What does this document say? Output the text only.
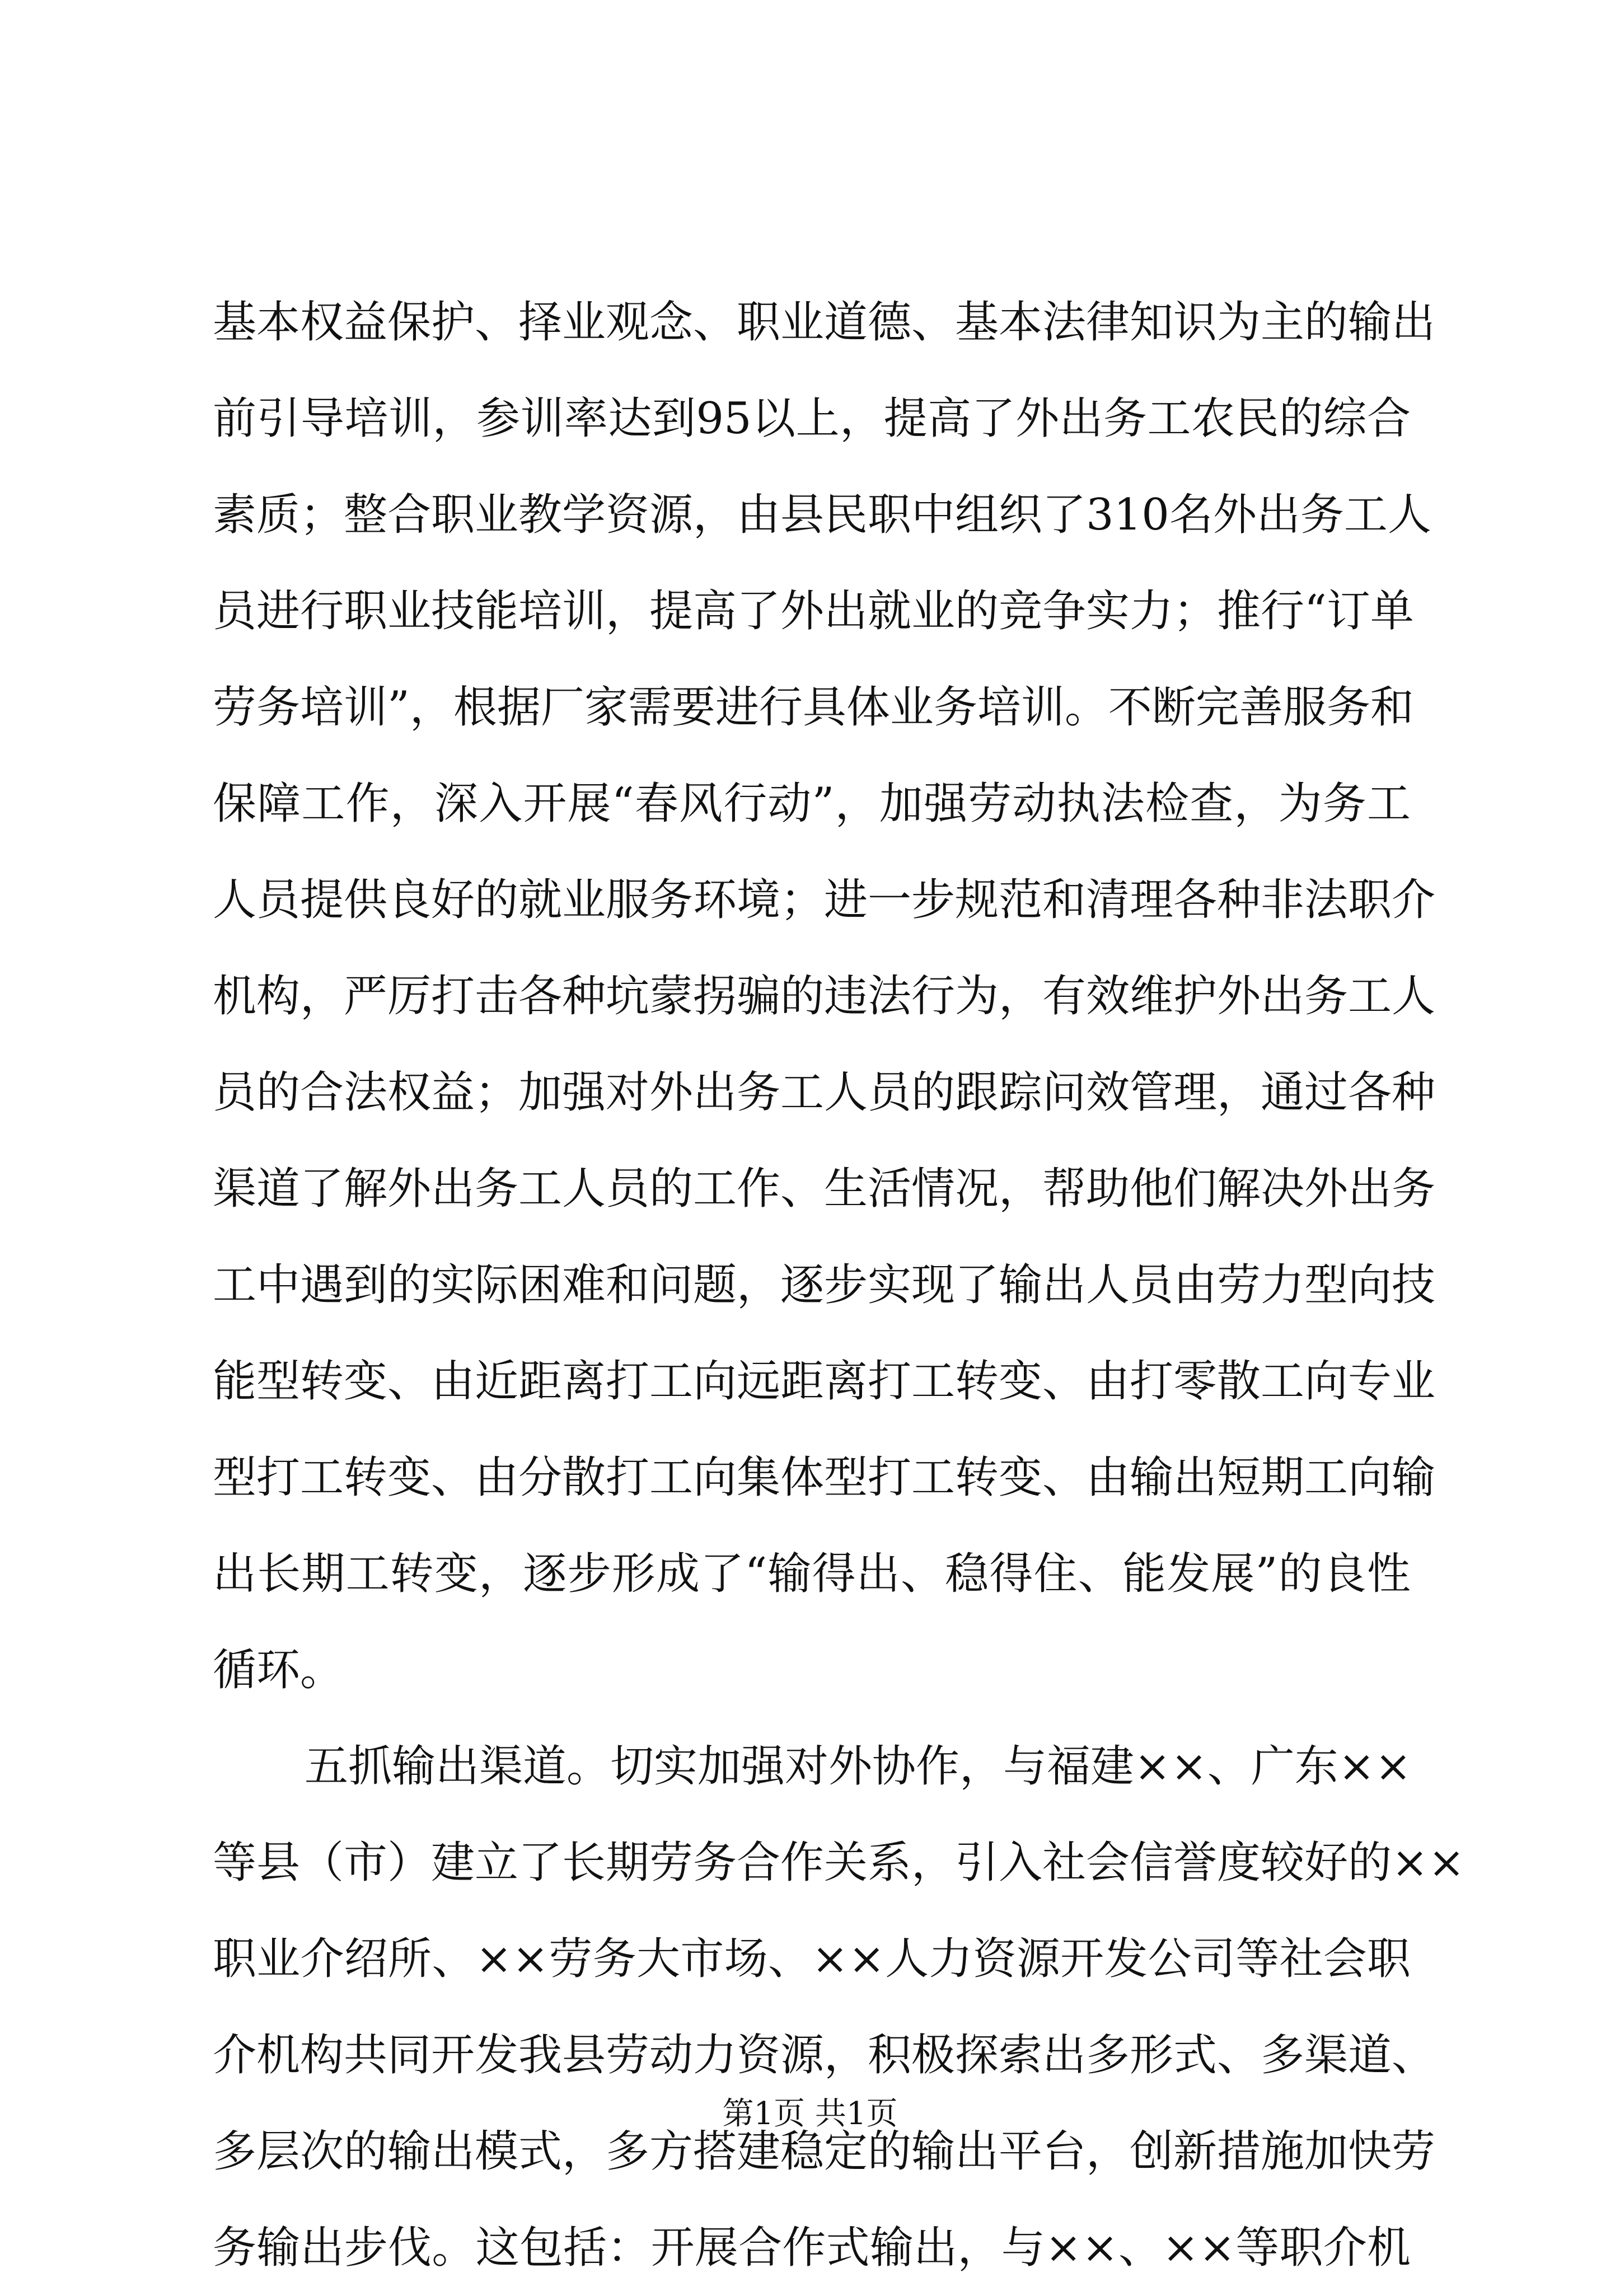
基本权益保护、择业观念、职业道德、基本法律知识为主的输出
前引导培训，参训率达到95以上，提高了外出务工农民的综合
素质；整合职业教学资源，由县民职中组织了310名外出务工人
员进行职业技能培训，提高了外出就业的竞争实力；推行“订单
劳务培训”，根据厂家需要进行具体业务培训。不断完善服务和
保障工作，深入开展“春风行动”，加强劳动执法检查，为务工
人员提供良好的就业服务环境；进一步规范和清理各种非法职介
机构，严厉打击各种坑蒙拐骗的违法行为，有效维护外出务工人
员的合法权益；加强对外出务工人员的跟踪问效管理，通过各种
渠道了解外出务工人员的工作、生活情况，帮助他们解决外出务
工中遇到的实际困难和问题，逐步实现了输出人员由劳力型向技
能型转变、由近距离打工向远距离打工转变、由打零散工向专业
型打工转变、由分散打工向集体型打工转变、由输出短期工向输
出长期工转变，逐步形成了“输得出、稳得住、能发展”的良性
循环。
五抓输出渠道。切实加强对外协作，与福建××、广东××
等县（市）建立了长期劳务合作关系，引入社会信誉度较好的××
职业介绍所、××劳务大市场、××人力资源开发公司等社会职
介机构共同开发我县劳动力资源，积极探索出多形式、多渠道、
多层次的输出模式，多方搭建稳定的输出平台，创新措施加快劳
务输出步伐。这包括：开展合作式输出，与××、××等职介机
第1页 共1页
